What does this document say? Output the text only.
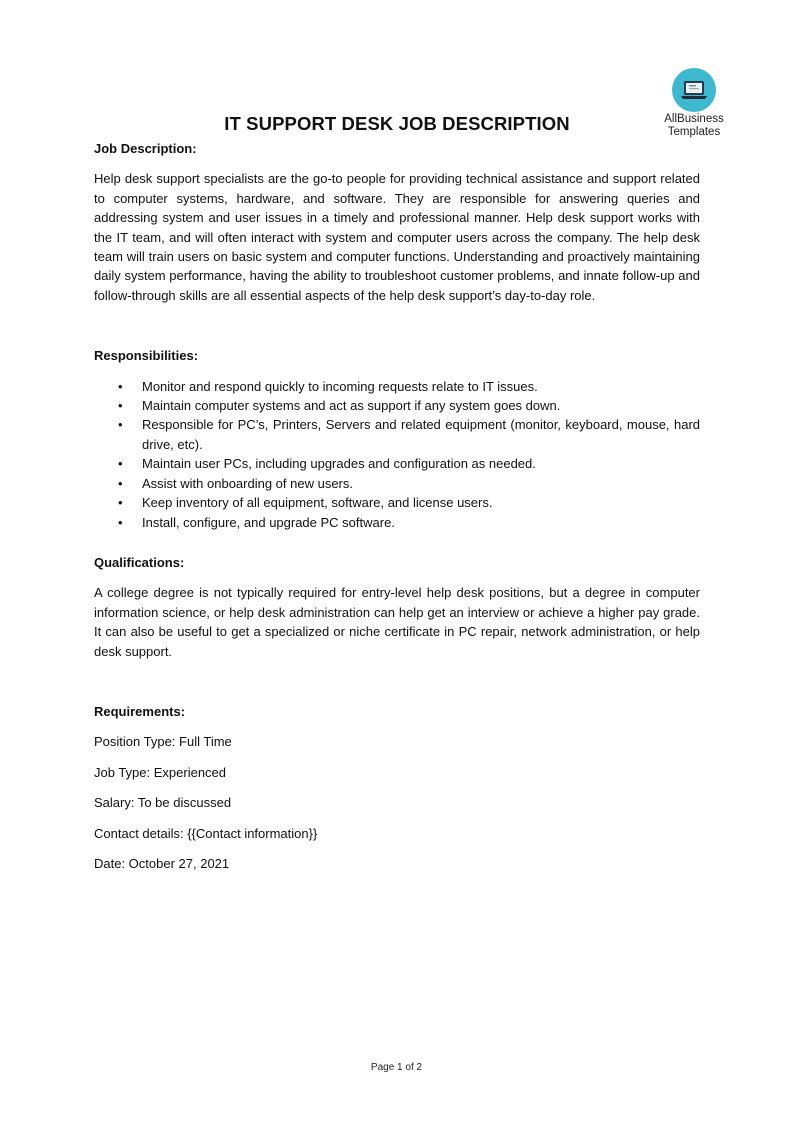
AllBusiness
Templates
IT SUPPORT DESK JOB DESCRIPTION

Job Description:

Help desk support specialists are the go-to people for providing technical assistance and support related to computer systems, hardware, and software. They are responsible for answering queries and addressing system and user issues in a timely and professional manner. Help desk support works with the IT team, and will often interact with system and computer users across the company. The help desk team will train users on basic system and computer functions. Understanding and proactively maintaining daily system performance, having the ability to troubleshoot customer problems, and innate follow-up and follow-through skills are all essential aspects of the help desk support’s day-to-day role.

Responsibilities:

• Monitor and respond quickly to incoming requests relate to IT issues.
• Maintain computer systems and act as support if any system goes down.
• Responsible for PC’s, Printers, Servers and related equipment (monitor, keyboard, mouse, hard drive, etc).
• Maintain user PCs, including upgrades and configuration as needed.
• Assist with onboarding of new users.
• Keep inventory of all equipment, software, and license users.
• Install, configure, and upgrade PC software.

Qualifications:

A college degree is not typically required for entry-level help desk positions, but a degree in computer information science, or help desk administration can help get an interview or achieve a higher pay grade. It can also be useful to get a specialized or niche certificate in PC repair, network administration, or help desk support.

Requirements:

Position Type: Full Time

Job Type: Experienced

Salary: To be discussed

Contact details: {{Contact information}}

Date: October 27, 2021

Page 1 of 2
